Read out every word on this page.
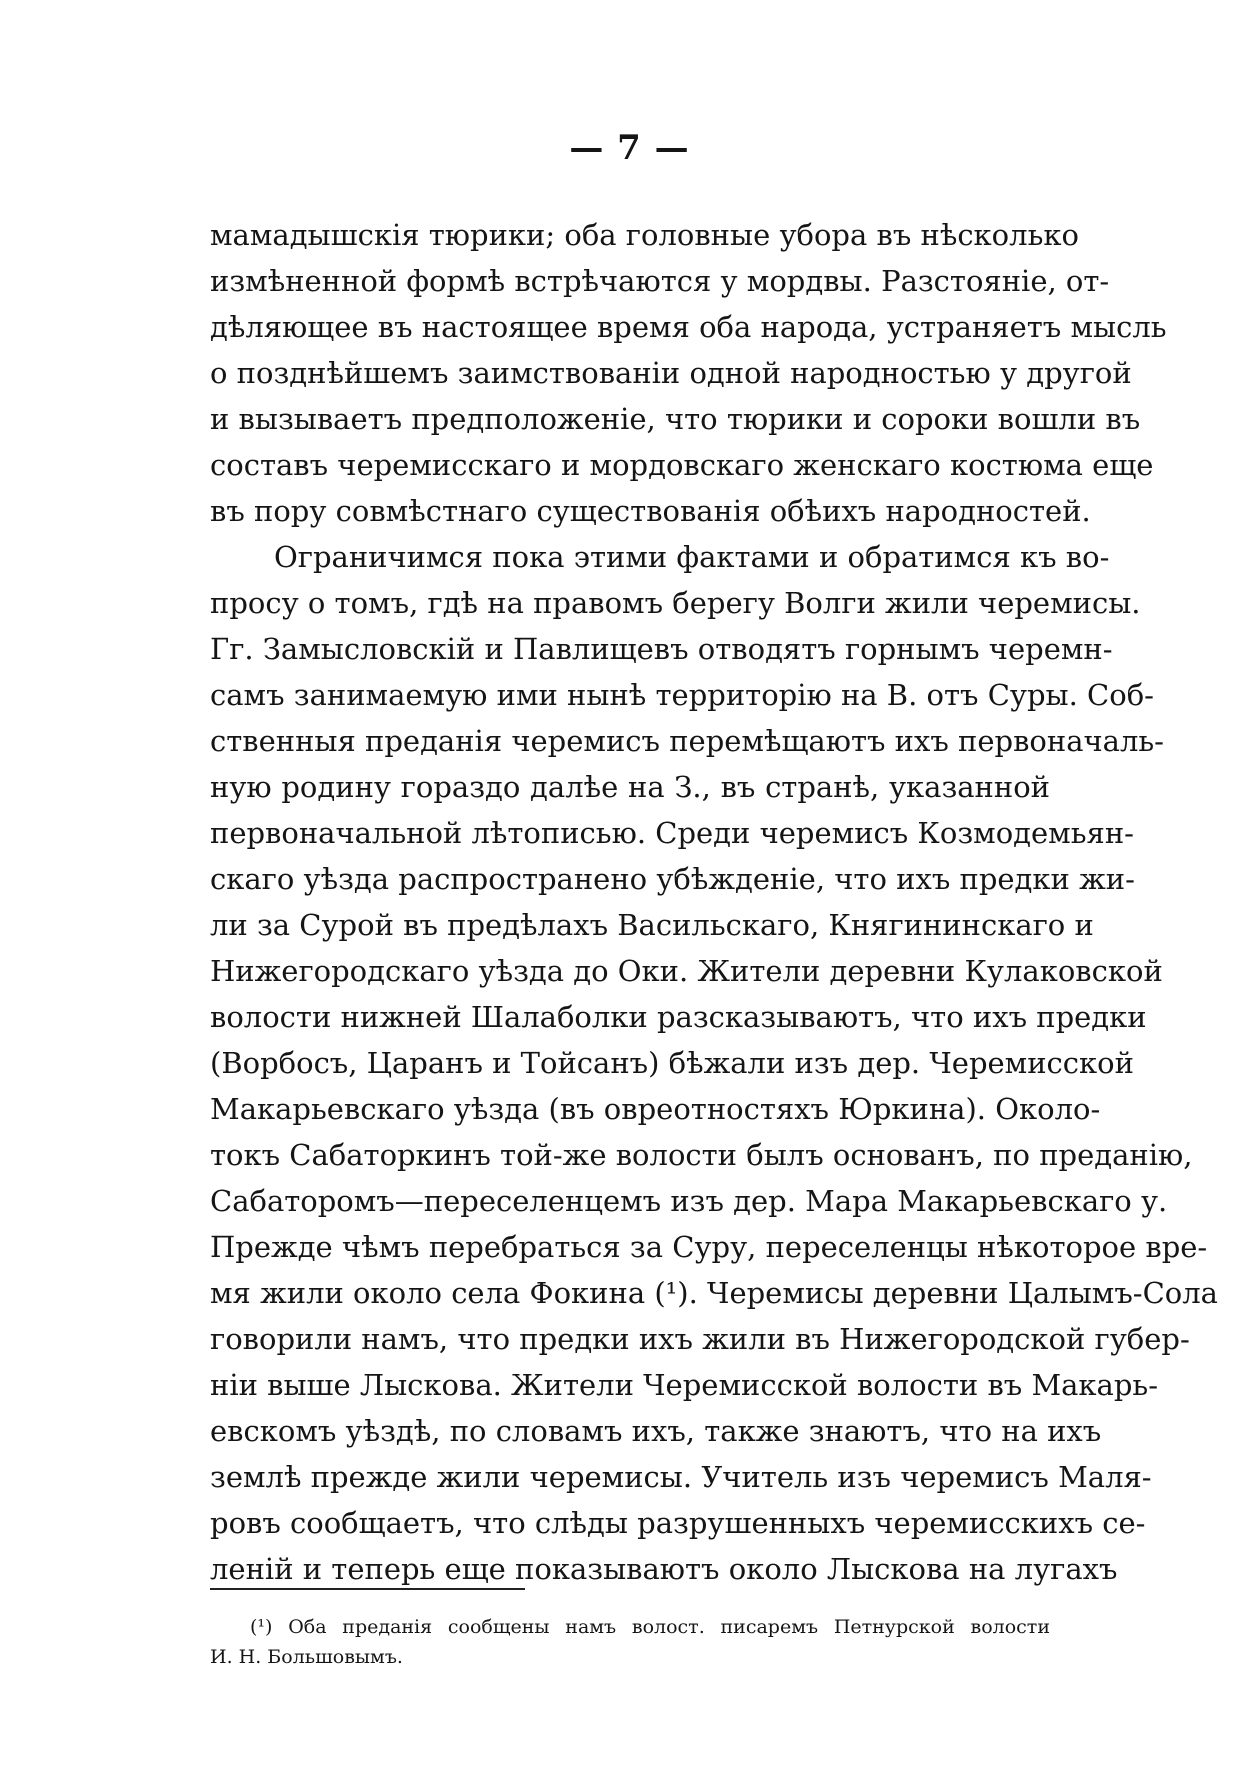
— 7 —
мамадышскія тюрики; оба головные убора въ нѣсколько
измѣненной формѣ встрѣчаются у мордвы. Разстояніе, от-
дѣляющее въ настоящее время оба народа, устраняетъ мысль
о позднѣйшемъ заимствованіи одной народностью у другой
и вызываетъ предположеніе, что тюрики и сороки вошли въ
составъ черемисскаго и мордовскаго женскаго костюма еще
въ пору совмѣстнаго существованія обѣихъ народностей.
Ограничимся пока этими фактами и обратимся къ во-
просу о томъ, гдѣ на правомъ берегу Волги жили черемисы.
Гг. Замысловскій и Павлищевъ отводятъ горнымъ черемн-
самъ занимаемую ими нынѣ территорію на В. отъ Суры. Соб-
ственныя преданія черемисъ перемѣщаютъ ихъ первоначаль-
ную родину гораздо далѣе на З., въ странѣ, указанной
первоначальной лѣтописью. Среди черемисъ Козмодемьян-
скаго уѣзда распространено убѣжденіе, что ихъ предки жи-
ли за Сурой въ предѣлахъ Васильскаго, Княгининскаго и
Нижегородскаго уѣзда до Оки. Жители деревни Кулаковской
волости нижней Шалаболки разсказываютъ, что ихъ предки
(Ворбосъ, Царанъ и Тойсанъ) бѣжали изъ дер. Черемисской
Макарьевскаго уѣзда (въ овреотностяхъ Юркина). Около-
токъ Сабаторкинъ той-же волости былъ основанъ, по преданію,
Сабаторомъ—переселенцемъ изъ дер. Мара Макарьевскаго у.
Прежде чѣмъ перебраться за Суру, переселенцы нѣкоторое вре-
мя жили около села Фокина (¹). Черемисы деревни Цалымъ-Сола
говорили намъ, что предки ихъ жили въ Нижегородской губер-
ніи выше Лыскова. Жители Черемисской волости въ Макарь-
евскомъ уѣздѣ, по словамъ ихъ, также знаютъ, что на ихъ
землѣ прежде жили черемисы. Учитель изъ черемисъ Маля-
ровъ сообщаетъ, что слѣды разрушенныхъ черемисскихъ се-
леній и теперь еще показываютъ около Лыскова на лугахъ
(¹) Оба преданія сообщены намъ волост. писаремъ Петнурской волости
И. Н. Большовымъ.
